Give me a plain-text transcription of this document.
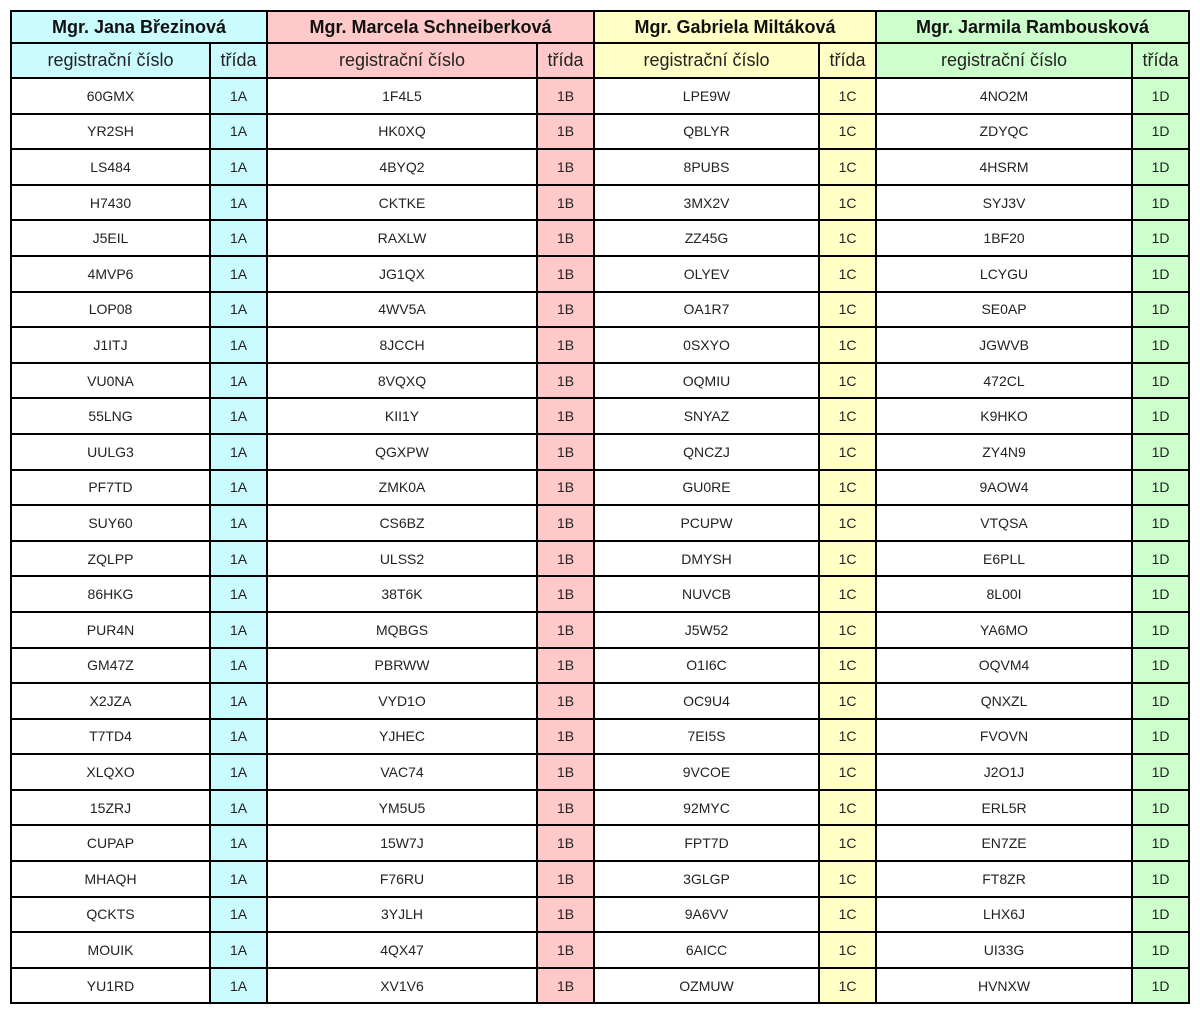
Mgr. Jana Březinová		Mgr. Marcela Schneiberková		Mgr. Gabriela Miltáková		Mgr. Jarmila Rambousková	
registrační číslo	třída	registrační číslo	třída	registrační číslo	třída	registrační číslo	třída
60GMX	1A	1F4L5	1B	LPE9W	1C	4NO2M	1D
YR2SH	1A	HK0XQ	1B	QBLYR	1C	ZDYQC	1D
LS484	1A	4BYQ2	1B	8PUBS	1C	4HSRM	1D
H7430	1A	CKTKE	1B	3MX2V	1C	SYJ3V	1D
J5EIL	1A	RAXLW	1B	ZZ45G	1C	1BF20	1D
4MVP6	1A	JG1QX	1B	OLYEV	1C	LCYGU	1D
LOP08	1A	4WV5A	1B	OA1R7	1C	SE0AP	1D
J1ITJ	1A	8JCCH	1B	0SXYO	1C	JGWVB	1D
VU0NA	1A	8VQXQ	1B	OQMIU	1C	472CL	1D
55LNG	1A	KII1Y	1B	SNYAZ	1C	K9HKO	1D
UULG3	1A	QGXPW	1B	QNCZJ	1C	ZY4N9	1D
PF7TD	1A	ZMK0A	1B	GU0RE	1C	9AOW4	1D
SUY60	1A	CS6BZ	1B	PCUPW	1C	VTQSA	1D
ZQLPP	1A	ULSS2	1B	DMYSH	1C	E6PLL	1D
86HKG	1A	38T6K	1B	NUVCB	1C	8L00I	1D
PUR4N	1A	MQBGS	1B	J5W52	1C	YA6MO	1D
GM47Z	1A	PBRWW	1B	O1I6C	1C	OQVM4	1D
X2JZA	1A	VYD1O	1B	OC9U4	1C	QNXZL	1D
T7TD4	1A	YJHEC	1B	7EI5S	1C	FVOVN	1D
XLQXO	1A	VAC74	1B	9VCOE	1C	J2O1J	1D
15ZRJ	1A	YM5U5	1B	92MYC	1C	ERL5R	1D
CUPAP	1A	15W7J	1B	FPT7D	1C	EN7ZE	1D
MHAQH	1A	F76RU	1B	3GLGP	1C	FT8ZR	1D
QCKTS	1A	3YJLH	1B	9A6VV	1C	LHX6J	1D
MOUIK	1A	4QX47	1B	6AICC	1C	UI33G	1D
YU1RD	1A	XV1V6	1B	OZMUW	1C	HVNXW	1D
